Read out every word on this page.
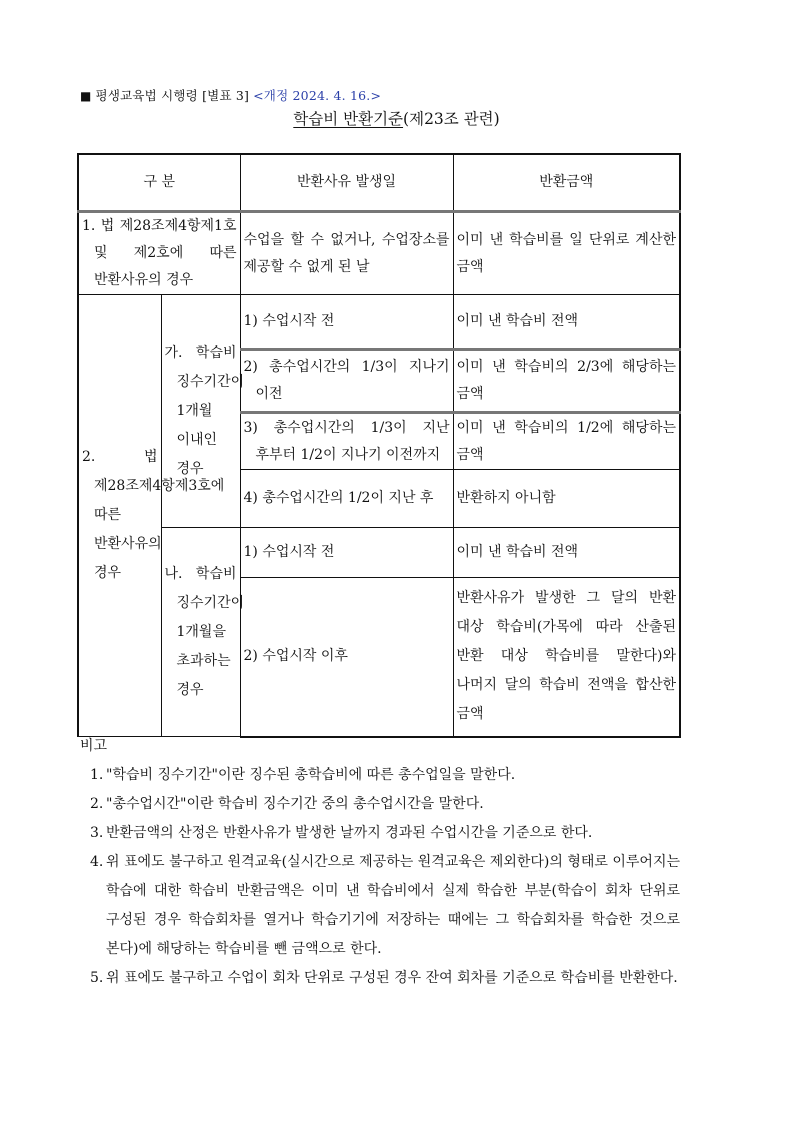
■ 평생교육법 시행령 [별표 3] <개정 2024. 4. 16.>
학습비 반환기준(제23조 관련)
구 분		반환사유 발생일	반환금액

1. 법 제28조제4항제1호 및 제2호에 따른 반환사유의 경우		수업을 할 수 없거나, 수업장소를 제공할 수 없게 된 날	이미 낸 학습비를 일 단위로 계산한 금액

2. 법 제28조제4항제3호에 따른 반환사유의 경우	가. 학습비 징수기간이 1개월 이내인 경우	1) 수업시작 전	이미 낸 학습비 전액

		2) 총수업시간의 1/3이 지나기 이전	이미 낸 학습비의 2/3에 해당하는 금액

		3) 총수업시간의 1/3이 지난 후부터 1/2이 지나기 이전까지	이미 낸 학습비의 1/2에 해당하는 금액

		4) 총수업시간의 1/2이 지난 후	반환하지 아니함

	나. 학습비 징수기간이 1개월을 초과하는 경우	1) 수업시작 전	이미 낸 학습비 전액

		2) 수업시작 이후	반환사유가 발생한 그 달의 반환 대상 학습비(가목에 따라 산출된 반환 대상 학습비를 말한다)와 나머지 달의 학습비 전액을 합산한 금액
비고
1. "학습비 징수기간"이란 징수된 총학습비에 따른 총수업일을 말한다.
2. "총수업시간"이란 학습비 징수기간 중의 총수업시간을 말한다.
3. 반환금액의 산정은 반환사유가 발생한 날까지 경과된 수업시간을 기준으로 한다.
4. 위 표에도 불구하고 원격교육(실시간으로 제공하는 원격교육은 제외한다)의 형태로 이루어지는 학습에 대한 학습비 반환금액은 이미 낸 학습비에서 실제 학습한 부분(학습이 회차 단위로 구성된 경우 학습회차를 열거나 학습기기에 저장하는 때에는 그 학습회차를 학습한 것으로 본다)에 해당하는 학습비를 뺀 금액으로 한다.
5. 위 표에도 불구하고 수업이 회차 단위로 구성된 경우 잔여 회차를 기준으로 학습비를 반환한다.
